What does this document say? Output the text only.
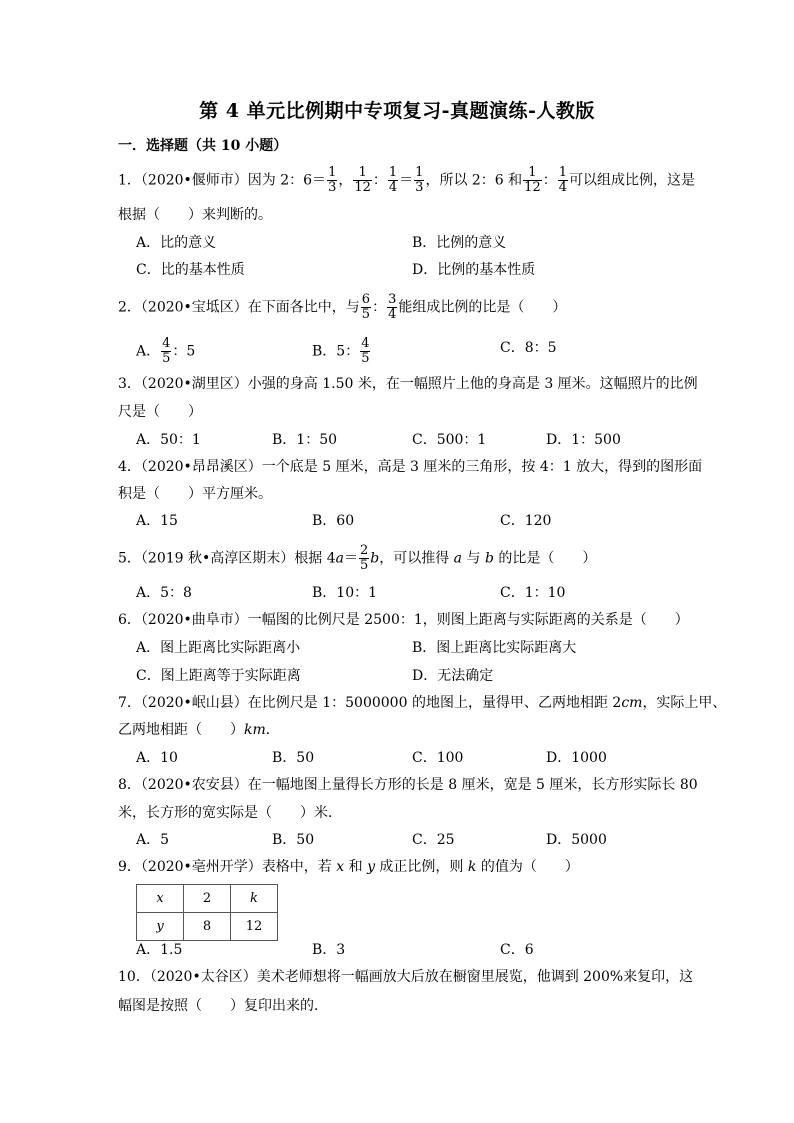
第 4 单元比例期中专项复习-真题演练-人教版
一．选择题（共 10 小题）
1．（2020•偃师市）因为 2：$6= \frac{1}{3}$ ， $\frac{1}{12}$ ： $\frac{1}{4} = \frac{1}{3}$ ，所以 2：6 和 $\frac{1}{12}$ ： $\frac{1}{4}$ 可以组成比例，这是
根据（　　）来判断的。
A．比的意义	B．比例的意义
C．比的基本性质	D．比例的基本性质
2．（2020•宝坻区）在下面各比中，与 $\frac{6}{5}$ ： $\frac{3}{4}$ 能组成比例的比是（　　）
A． $\frac{4}{5}$ ：5	B．5： $\frac{4}{5}$	C．8：5
3．（2020•湖里区）小强的身高 1.50 米，在一幅照片上他的身高是 3 厘米。这幅照片的比例
尺是（　　）
A．50：1	B．1：50	C．500：1	D．1：500
4．（2020•昂昂溪区）一个底是 5 厘米，高是 3 厘米的三角形，按 4：1 放大，得到的图形面
积是（　　）平方厘米。
A．15	B．60	C．120
5．（2019 秋•高淳区期末）根据 $4a= \frac{2}{5}$ b，可以推得 a 与 b 的比是（　　）
A．5：8	B．10：1	C．1：10
6．（2020•曲阜市）一幅图的比例尺是 2500：1，则图上距离与实际距离的关系是（　　）
A．图上距离比实际距离小	B．图上距离比实际距离大
C．图上距离等于实际距离	D．无法确定
7．（2020•岷山县）在比例尺是 1：5000000 的地图上，量得甲、乙两地相距 2cm，实际上甲、
乙两地相距（　　）km．
A．10	B．50	C．100	D．1000
8．（2020•农安县）在一幅地图上量得长方形的长是 8 厘米，宽是 5 厘米，长方形实际长 80
米，长方形的宽实际是（　　）米．
A．5	B．50	C．25	D．5000
9．（2020•亳州开学）表格中，若 x 和 y 成正比例，则 k 的值为（　　）
x	2	k
y	8	12
A．1.5	B．3	C．6
10．（2020•太谷区）美术老师想将一幅画放大后放在橱窗里展览，他调到 200%来复印，这
幅图是按照（　　）复印出来的．
